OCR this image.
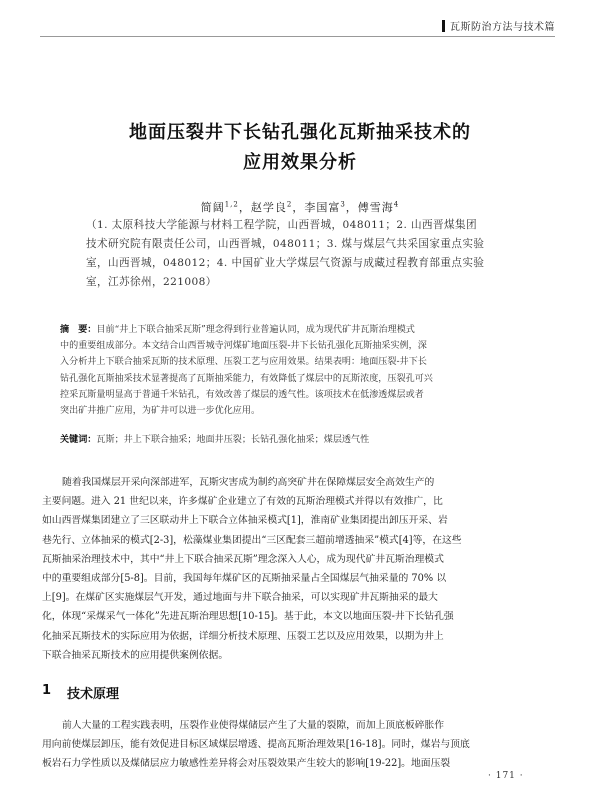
瓦斯防治方法与技术篇
地面压裂井下长钻孔强化瓦斯抽采技术的
应用效果分析
简阔$^{1,2}$，赵学良$^2$，李国富$^3$，傅雪海$^4$
（1. 太原科技大学能源与材料工程学院，山西晋城，048011；2. 山西晋煤集团
技术研究院有限责任公司，山西晋城，048011；3. 煤与煤层气共采国家重点实验
室，山西晋城，048012；4. 中国矿业大学煤层气资源与成藏过程教育部重点实验
室，江苏徐州，221008）
摘　要：目前“井上下联合抽采瓦斯”理念得到行业普遍认同，成为现代矿井瓦斯治理模式
中的重要组成部分。本文结合山西晋城寺河煤矿地面压裂-井下长钻孔强化瓦斯抽采实例，深
入分析井上下联合抽采瓦斯的技术原理、压裂工艺与应用效果。结果表明：地面压裂-井下长
钻孔强化瓦斯抽采技术显著提高了瓦斯抽采能力，有效降低了煤层中的瓦斯浓度，压裂孔可兴
控采瓦斯量明显高于普通千米钻孔，有效改善了煤层的透气性。该项技术在低渗透煤层或者
突出矿井推广应用，为矿井可以进一步优化应用。
关键词：瓦斯；井上下联合抽采；地面井压裂；长钻孔强化抽采；煤层透气性
随着我国煤层开采向深部进军，瓦斯灾害成为制约高突矿井在保障煤层安全高效生产的
主要问题。进入 21 世纪以来，许多煤矿企业建立了有效的瓦斯治理模式并得以有效推广，比
如山西晋煤集团建立了三区联动井上下联合立体抽采模式[1]，淮南矿业集团提出卸压开采、岩
巷先行、立体抽采的模式[2-3]，松藻煤业集团提出“三区配套三超前增透抽采”模式[4]等，在这些
瓦斯抽采治理技术中，其中“井上下联合抽采瓦斯”理念深入人心，成为现代矿井瓦斯治理模式
中的重要组成部分[5-8]。目前，我国每年煤矿区的瓦斯抽采量占全国煤层气抽采量的 70% 以
上[9]。在煤矿区实施煤层气开发，通过地面与井下联合抽采，可以实现矿井瓦斯抽采的最大
化，体现“采煤采气一体化”先进瓦斯治理思想[10-15]。基于此，本文以地面压裂-井下长钻孔强
化抽采瓦斯技术的实际应用为依据，详细分析技术原理、压裂工艺以及应用效果，以期为井上
下联合抽采瓦斯技术的应用提供案例依据。
1 技术原理
前人大量的工程实践表明，压裂作业使得煤储层产生了大量的裂隙，而加上顶底板碎胀作
用向前使煤层卸压，能有效促进目标区域煤层增透、提高瓦斯治理效果[16-18]。同时，煤岩与顶底
板岩石力学性质以及煤储层应力敏感性差异将会对压裂效果产生较大的影响[19-22]。地面压裂
· 171 ·
